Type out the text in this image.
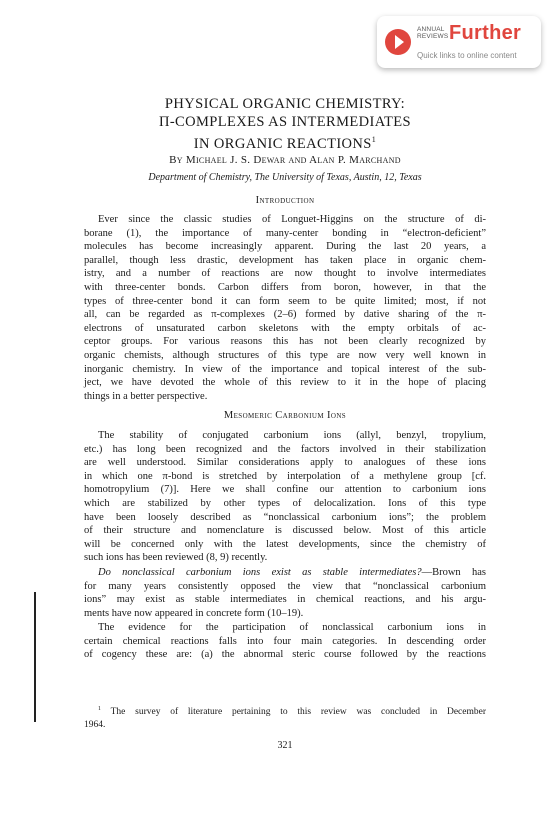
ANNUAL
REVIEWS Further
Quick links to online content
PHYSICAL ORGANIC CHEMISTRY:
Π-COMPLEXES AS INTERMEDIATES
IN ORGANIC REACTIONS$^1$
By Michael J. S. Dewar and Alan P. Marchand
Department of Chemistry, The University of Texas, Austin, 12, Texas
Introduction
Ever since the classic studies of Longuet-Higgins on the structure of di-
borane (1), the importance of many-center bonding in “electron-deficient”
molecules has become increasingly apparent. During the last 20 years, a
parallel, though less drastic, development has taken place in organic chem-
istry, and a number of reactions are now thought to involve intermediates
with three-center bonds. Carbon differs from boron, however, in that the
types of three-center bond it can form seem to be quite limited; most, if not
all, can be regarded as π-complexes (2–6) formed by dative sharing of the π-
electrons of unsaturated carbon skeletons with the empty orbitals of ac-
ceptor groups. For various reasons this has not been clearly recognized by
organic chemists, although structures of this type are now very well known in
inorganic chemistry. In view of the importance and topical interest of the sub-
ject, we have devoted the whole of this review to it in the hope of placing
things in a better perspective.
Mesomeric Carbonium Ions
The stability of conjugated carbonium ions (allyl, benzyl, tropylium,
etc.) has long been recognized and the factors involved in their stabilization
are well understood. Similar considerations apply to analogues of these ions
in which one π-bond is stretched by interpolation of a methylene group [cf.
homotropylium (7)]. Here we shall confine our attention to carbonium ions
which are stabilized by other types of delocalization. Ions of this type
have been loosely described as “nonclassical carbonium ions”; the problem
of their structure and nomenclature is discussed below. Most of this article
will be concerned only with the latest developments, since the chemistry of
such ions has been reviewed (8, 9) recently.
Do nonclassical carbonium ions exist as stable intermediates?—Brown has
for many years consistently opposed the view that “nonclassical carbonium
ions” may exist as stable intermediates in chemical reactions, and his argu-
ments have now appeared in concrete form (10–19).
The evidence for the participation of nonclassical carbonium ions in
certain chemical reactions falls into four main categories. In descending order
of cogency these are: (a) the abnormal steric course followed by the reactions
$^1$ The survey of literature pertaining to this review was concluded in December
1964.
321
